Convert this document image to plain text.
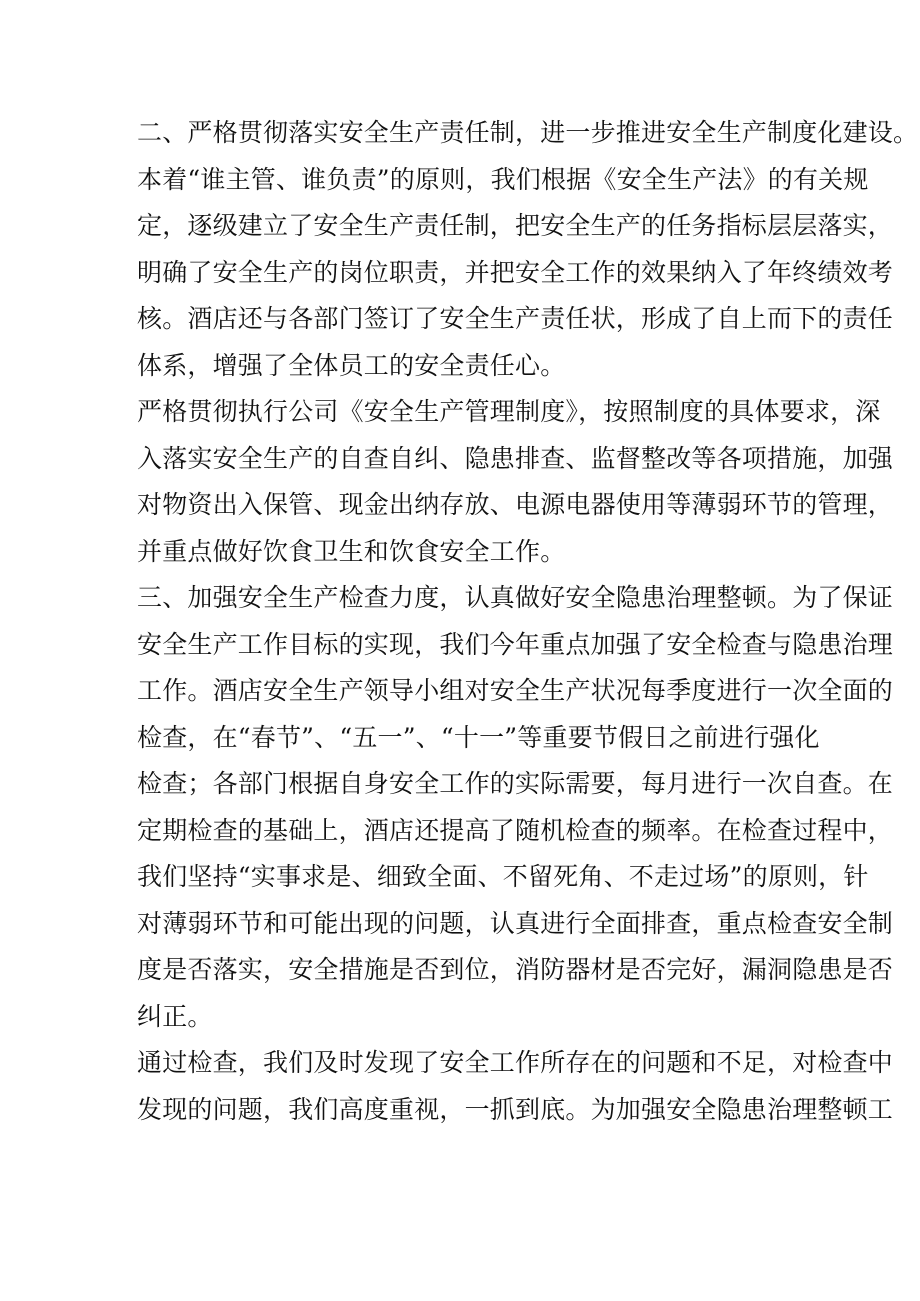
二、严格贯彻落实安全生产责任制，进一步推进安全生产制度化建设。
本着“谁主管、谁负责”的原则，我们根据《安全生产法》的有关规
定，逐级建立了安全生产责任制，把安全生产的任务指标层层落实，
明确了安全生产的岗位职责，并把安全工作的效果纳入了年终绩效考
核。酒店还与各部门签订了安全生产责任状，形成了自上而下的责任
体系，增强了全体员工的安全责任心。
严格贯彻执行公司《安全生产管理制度》，按照制度的具体要求，深
入落实安全生产的自查自纠、隐患排查、监督整改等各项措施，加强
对物资出入保管、现金出纳存放、电源电器使用等薄弱环节的管理，
并重点做好饮食卫生和饮食安全工作。
三、加强安全生产检查力度，认真做好安全隐患治理整顿。为了保证
安全生产工作目标的实现，我们今年重点加强了安全检查与隐患治理
工作。酒店安全生产领导小组对安全生产状况每季度进行一次全面的
检查，在“春节”、“五一”、“十一”等重要节假日之前进行强化
检查；各部门根据自身安全工作的实际需要，每月进行一次自查。在
定期检查的基础上，酒店还提高了随机检查的频率。在检查过程中，
我们坚持“实事求是、细致全面、不留死角、不走过场”的原则，针
对薄弱环节和可能出现的问题，认真进行全面排查，重点检查安全制
度是否落实，安全措施是否到位，消防器材是否完好，漏洞隐患是否
纠正。
通过检查，我们及时发现了安全工作所存在的问题和不足，对检查中
发现的问题，我们高度重视，一抓到底。为加强安全隐患治理整顿工
